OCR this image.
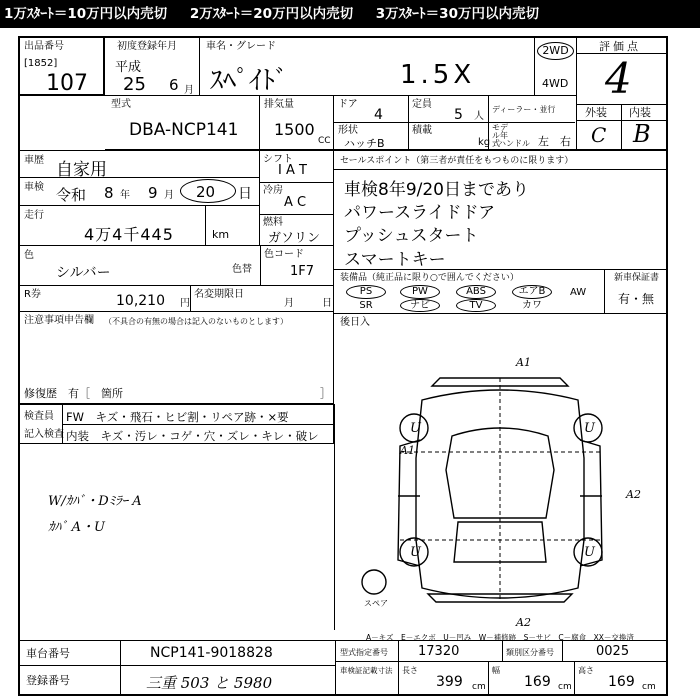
1万ｽﾀｰﾄ＝10万円以内売切 2万ｽﾀｰﾄ＝20万円以内売切 3万ｽﾀｰﾄ＝30万円以内売切
出品番号
[1852]
107
初度登録年月
平成
25 6 月
車名・グレード
ｽﾍﾟｲﾄﾞ	1.5X
2WD
4WD
評価点
4
外装 内装
C B
型式
DBA-NCP141
排気量
1500
CC
ドア
4
定員
5 人
ディーラー・並行
形状
ハッチB
積載
kg
モデル年式
ハンドル 左 右
車歴 自家用
車検 令和 8 年 9 月 20 日
走行
4万4千445	km
シフト
I A T
冷房
A C
燃料
ガソリン
色
シルバー	色替
色コード
1F7
R券	10,210 円
名変期限日
月	日
注意事項申告欄 （不具合の有無の場合は記入のないものとします）
修復歴　有［　箇所	］
セールスポイント（第三者が責任をもつものに限ります）
車検8年9/20日まであり
パワースライドドア
プッシュスタート
スマートキー
装備品（純正品に限り○で囲んでください）	新車保証書
有・無
PS	PW	ABS	エアB	AW
SR	ナビ	TV	カワ
後日入
検査員
記入検査
FW　キズ・飛石・ヒビ割・リペア跡・×要
内装　キズ・汚レ・コゲ・穴・ズレ・キレ・破レ
W/ｶﾊﾞ・Dﾐﾗｰ A
ｶﾊﾞ A・U
A1
A1
A2
A2
U	U
U	U
スペア
A－キズ　E－エクボ　U－凹み　W－補修跡　S－サビ　C－腐食　XX－交換済
車台番号	NCP141-9018828
登録番号	三重 503 と 5980
型式指定番号 17320	類別区分番号	0025
車検証記載寸法	長さ
399 cm
幅
169 cm
高さ
169 cm
